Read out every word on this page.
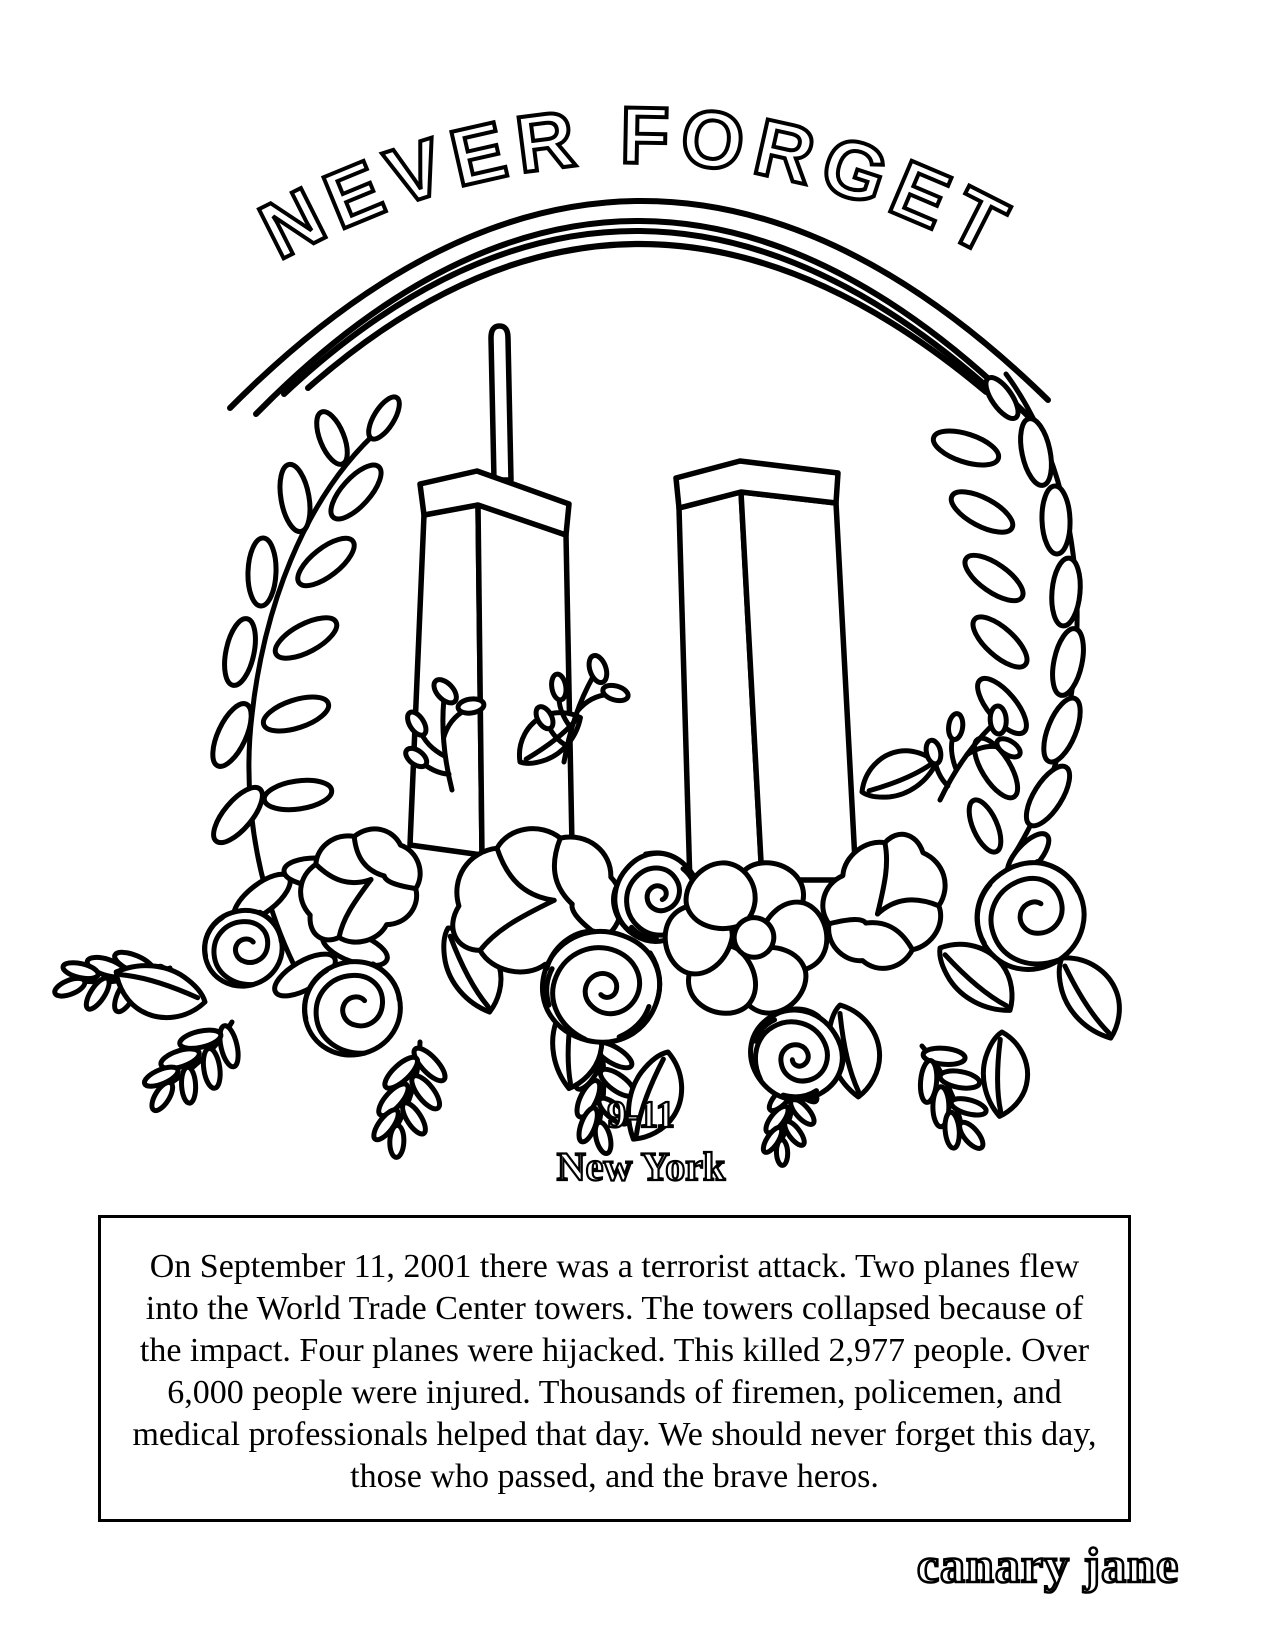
NEVER FORGET
9-11
New York
canary jane
On September 11, 2001 there was a terrorist attack. Two planes flew
into the World Trade Center towers. The towers collapsed because of
the impact. Four planes were hijacked. This killed 2,977 people. Over
6,000 people were injured. Thousands of firemen, policemen, and
medical professionals helped that day. We should never forget this day,
those who passed, and the brave heros.
